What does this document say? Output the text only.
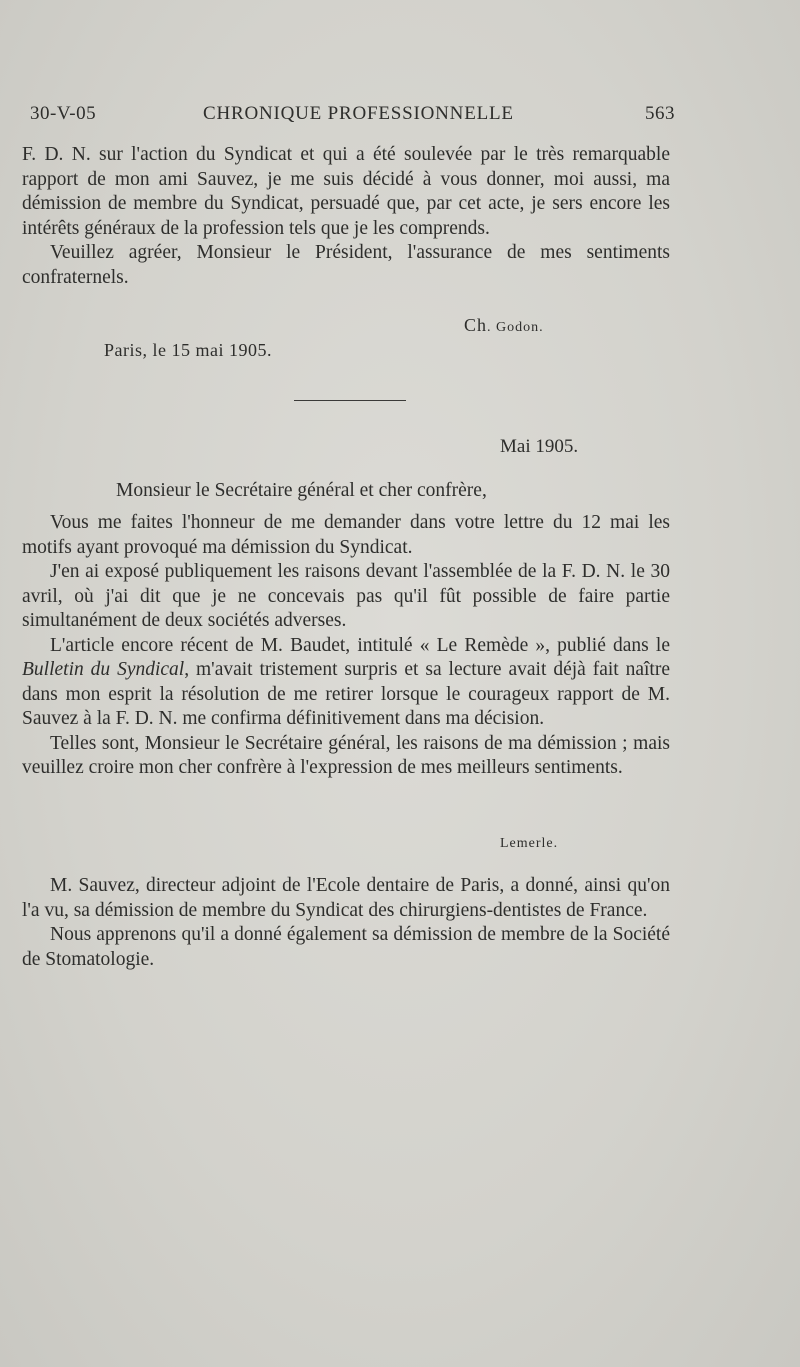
30-V-05	CHRONIQUE PROFESSIONNELLE	563

F. D. N. sur l'action du Syndicat et qui a été soulevée par le très remarquable rapport de mon ami Sauvez, je me suis décidé à vous donner, moi aussi, ma démission de membre du Syndicat, persuadé que, par cet acte, je sers encore les intérêts généraux de la profession tels que je les comprends.

Veuillez agréer, Monsieur le Président, l'assurance de mes sentiments confraternels.

Ch. Godon.
Paris, le 15 mai 1905.
Mai 1905.
Monsieur le Secrétaire général et cher confrère,

Vous me faites l'honneur de me demander dans votre lettre du 12 mai les motifs ayant provoqué ma démission du Syndicat.

J'en ai exposé publiquement les raisons devant l'assemblée de la F. D. N. le 30 avril, où j'ai dit que je ne concevais pas qu'il fût possible de faire partie simultanément de deux sociétés adverses.

L'article encore récent de M. Baudet, intitulé « Le Remède », publié dans le Bulletin du Syndical, m'avait tristement surpris et sa lecture avait déjà fait naître dans mon esprit la résolution de me retirer lorsque le courageux rapport de M. Sauvez à la F. D. N. me confirma définitivement dans ma décision.

Telles sont, Monsieur le Secrétaire général, les raisons de ma démission ; mais veuillez croire mon cher confrère à l'expression de mes meilleurs sentiments.

Lemerle.

M. Sauvez, directeur adjoint de l'Ecole dentaire de Paris, a donné, ainsi qu'on l'a vu, sa démission de membre du Syndicat des chirurgiens-dentistes de France.

Nous apprenons qu'il a donné également sa démission de membre de la Société de Stomatologie.
